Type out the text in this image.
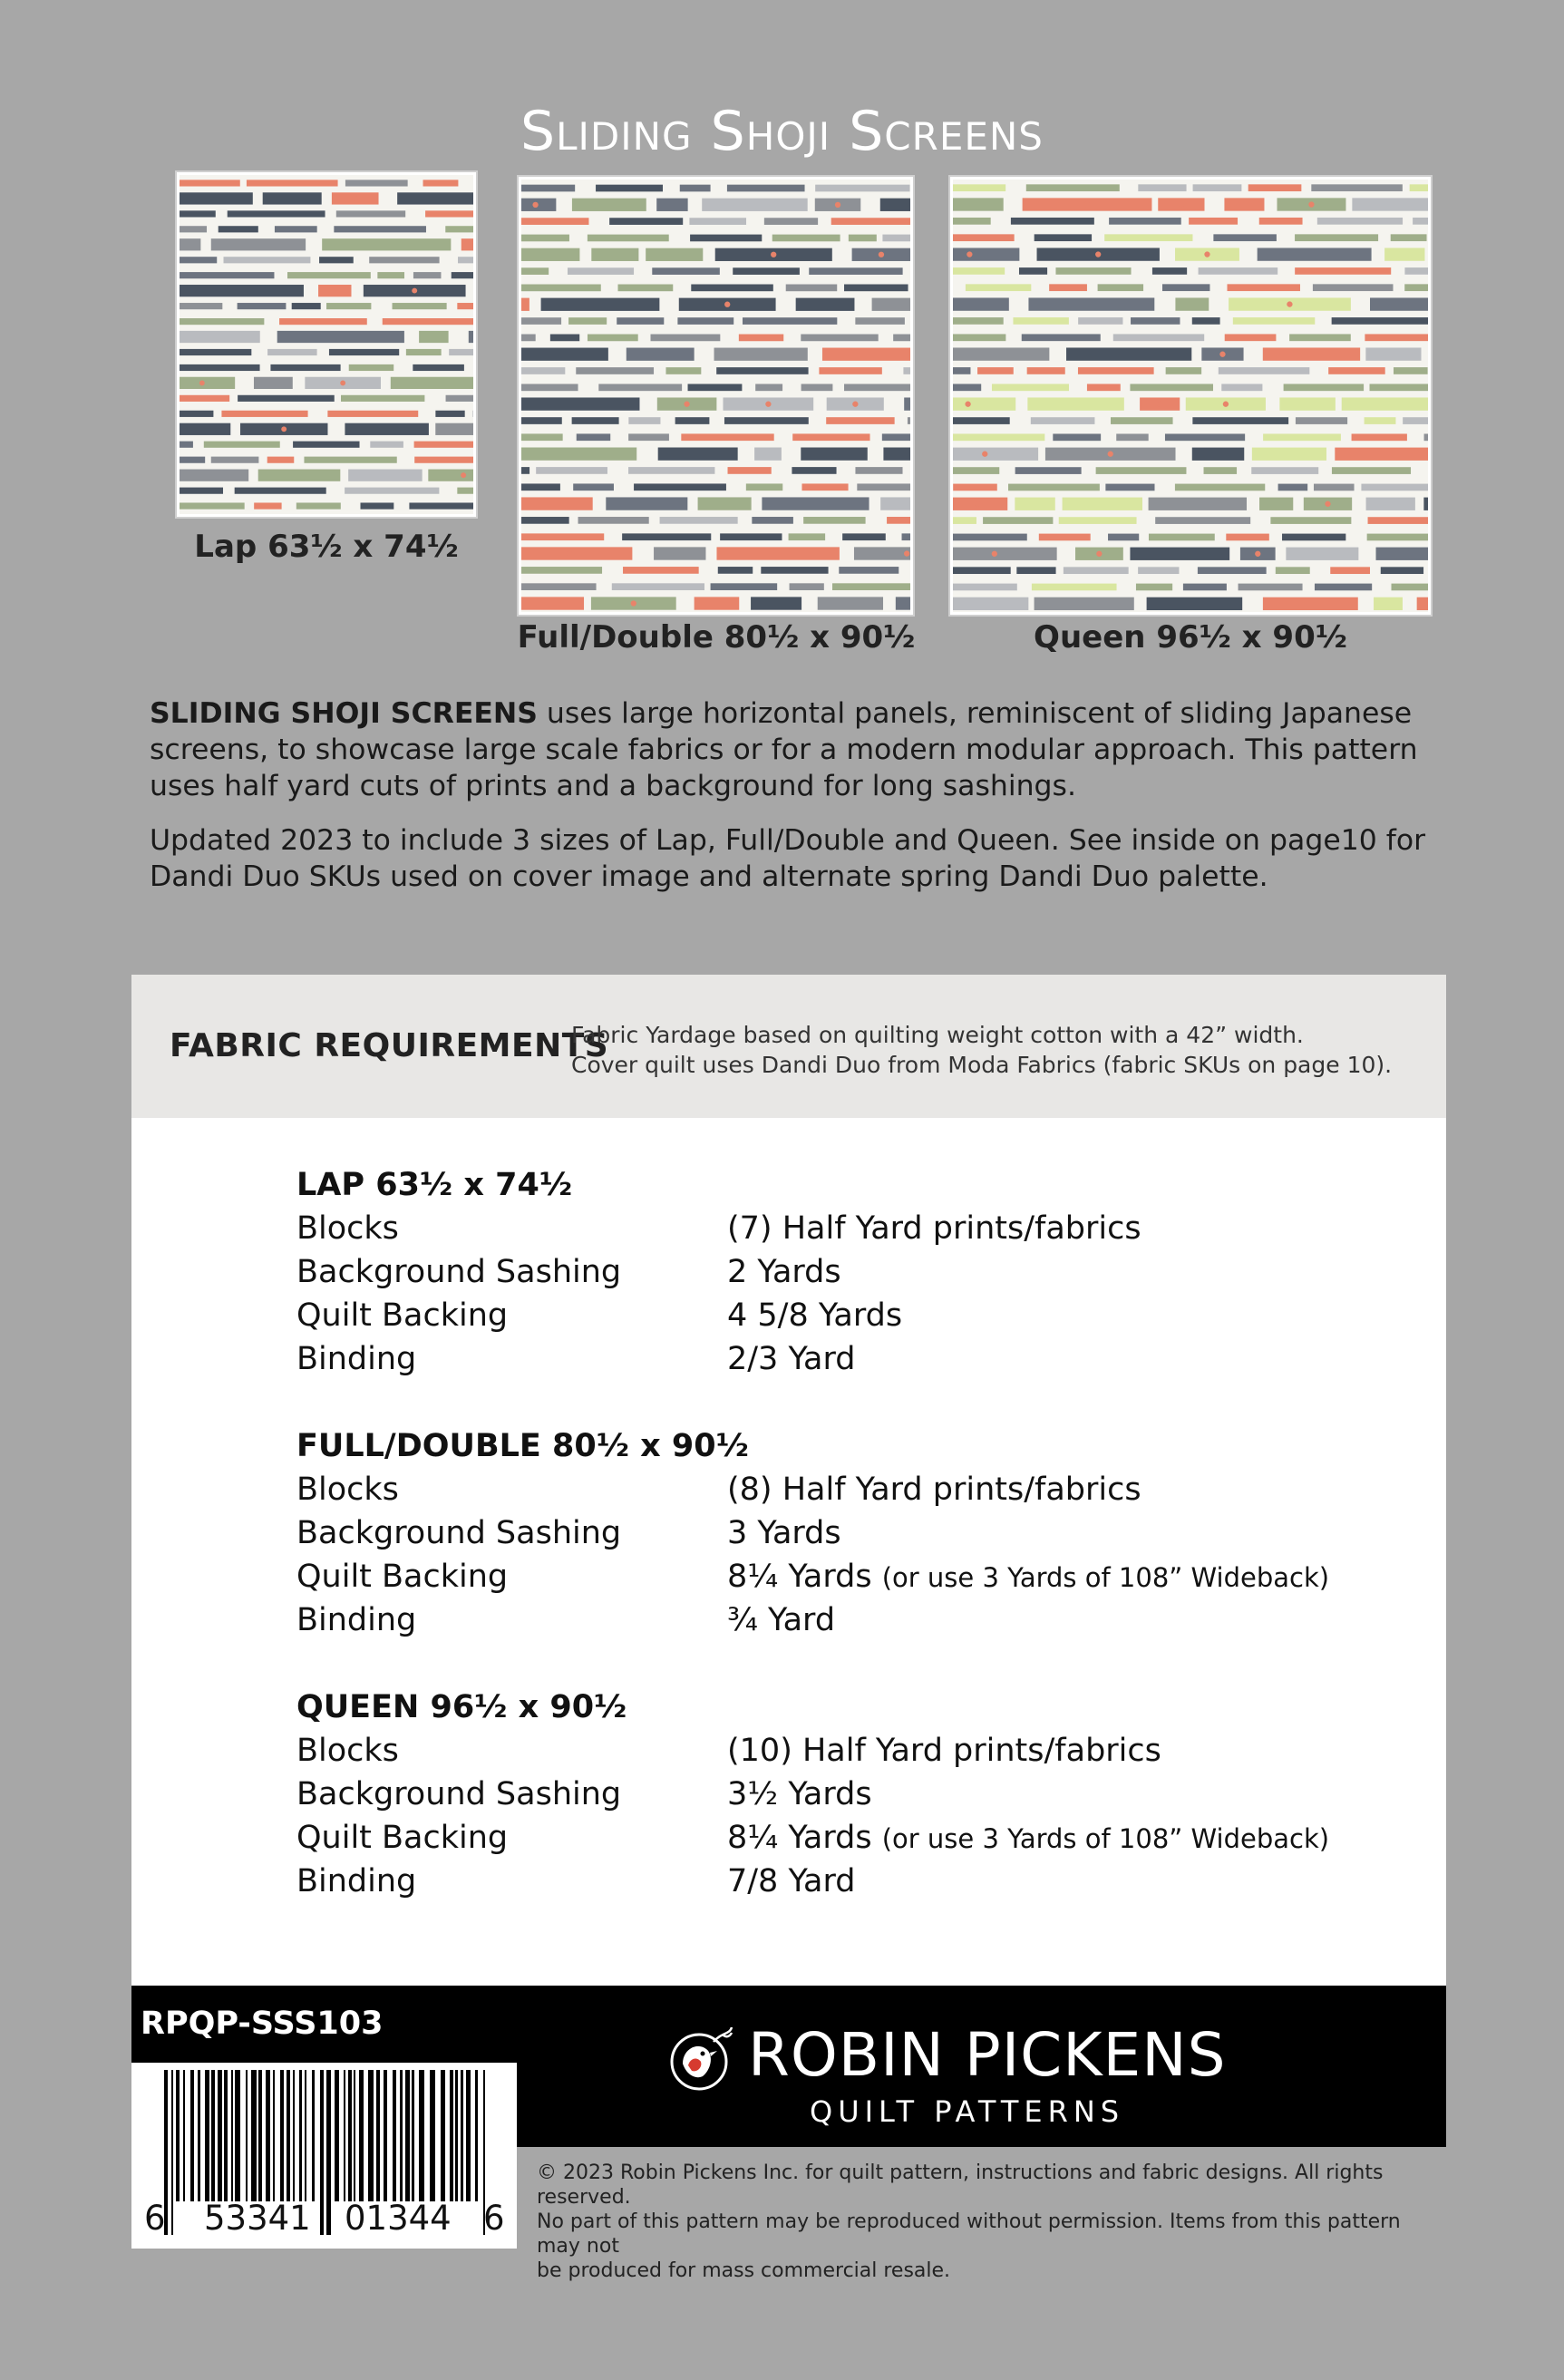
Sliding Shoji Screens
Lap 63½ x 74½
Full/Double 80½ x 90½	Queen 96½ x 90½

SLIDING SHOJI SCREENS uses large horizontal panels, reminiscent of sliding Japanese screens, to showcase large scale fabrics or for a modern modular approach. This pattern uses half yard cuts of prints and a background for long sashings.

Updated 2023 to include 3 sizes of Lap, Full/Double and Queen. See inside on page10 for Dandi Duo SKUs used on cover image and alternate spring Dandi Duo palette.

FABRIC REQUIREMENTS
Fabric Yardage based on quilting weight cotton with a 42” width.
Cover quilt uses Dandi Duo from Moda Fabrics (fabric SKUs on page 10).
LAP 63½ x 74½
Blocks	(7) Half Yard prints/fabrics
Background Sashing	2 Yards
Quilt Backing	4 5/8 Yards
Binding	2/3 Yard
FULL/DOUBLE 80½ x 90½
Blocks	(8) Half Yard prints/fabrics
Background Sashing	3 Yards
Quilt Backing	8¼ Yards (or use 3 Yards of 108” Wideback)
Binding	¾ Yard
QUEEN 96½ x 90½
Blocks	(10) Half Yard prints/fabrics
Background Sashing	3½ Yards
Quilt Backing	8¼ Yards (or use 3 Yards of 108” Wideback)
Binding	7/8 Yard
RPQP-SSS103	ROBIN PICKENS
QUILT PATTERNS
6 53341 01344 6
© 2023 Robin Pickens Inc. for quilt pattern, instructions and fabric designs. All rights reserved.
No part of this pattern may be reproduced without permission. Items from this pattern may not
be produced for mass commercial resale.
